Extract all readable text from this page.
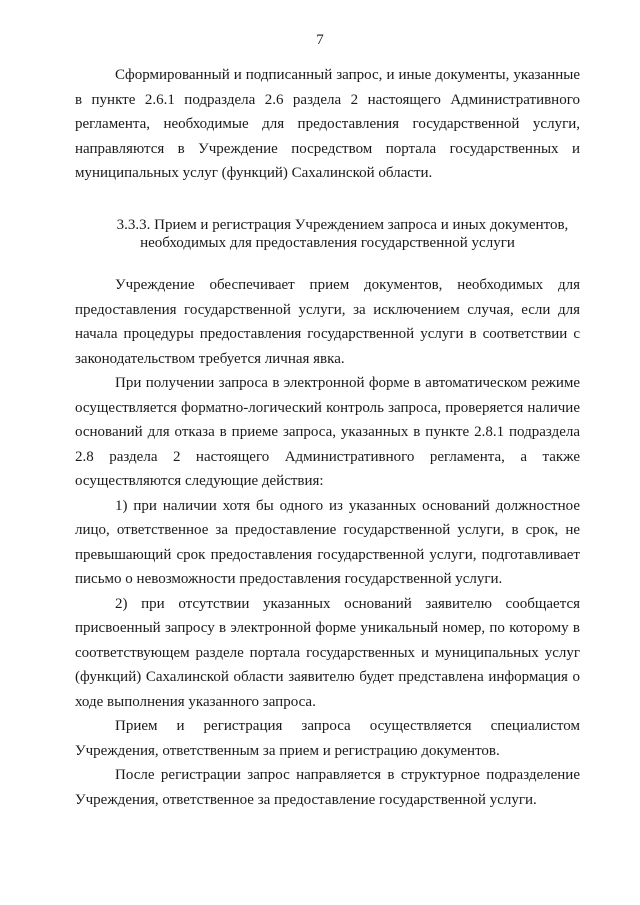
7

Сформированный и подписанный запрос, и иные документы, указанные в пункте 2.6.1 подраздела 2.6 раздела 2 настоящего Административного регламента, необходимые для предоставления государственной услуги, направляются в Учреждение посредством портала государственных и муниципальных услуг (функций) Сахалинской области.

3.3.3. Прием и регистрация Учреждением запроса и иных документов,
необходимых для предоставления государственной услуги

Учреждение обеспечивает прием документов, необходимых для предоставления государственной услуги, за исключением случая, если для начала процедуры предоставления государственной услуги в соответствии с законодательством требуется личная явка.

При получении запроса в электронной форме в автоматическом режиме осуществляется форматно-логический контроль запроса, проверяется наличие оснований для отказа в приеме запроса, указанных в пункте 2.8.1 подраздела 2.8 раздела 2 настоящего Административного регламента, а также осуществляются следующие действия:

1) при наличии хотя бы одного из указанных оснований должностное лицо, ответственное за предоставление государственной услуги, в срок, не превышающий срок предоставления государственной услуги, подготавливает письмо о невозможности предоставления государственной услуги.

2) при отсутствии указанных оснований заявителю сообщается присвоенный запросу в электронной форме уникальный номер, по которому в соответствующем разделе портала государственных и муниципальных услуг (функций) Сахалинской области заявителю будет представлена информация о ходе выполнения указанного запроса.

Прием и регистрация запроса осуществляется специалистом Учреждения, ответственным за прием и регистрацию документов.

После регистрации запрос направляется в структурное подразделение Учреждения, ответственное за предоставление государственной услуги.
